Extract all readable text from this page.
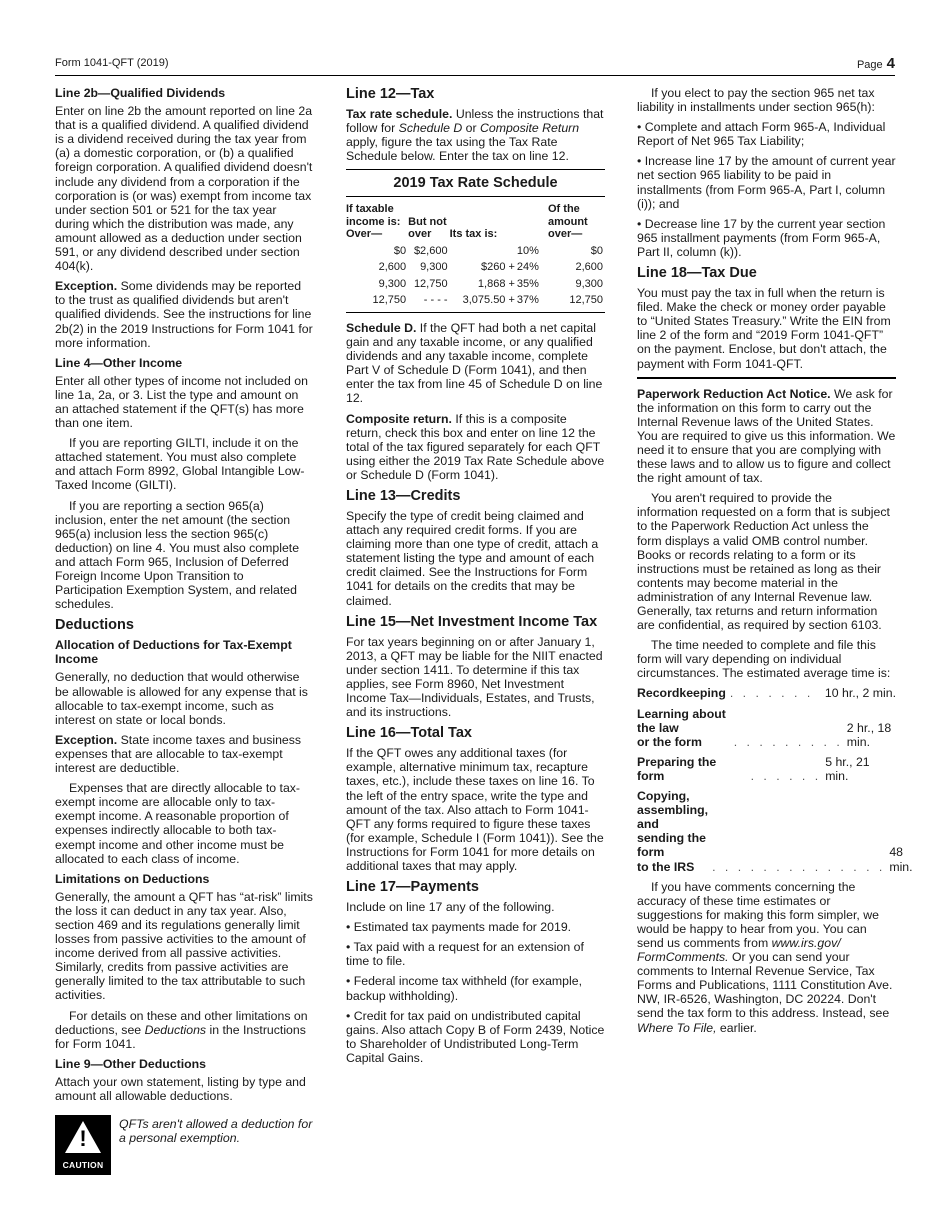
Form 1041-QFT (2019)	Page 4
Line 2b—Qualified Dividends

Enter on line 2b the amount reported on line 2a that is a qualified dividend. A qualified dividend is a dividend received during the tax year from (a) a domestic corporation, or (b) a qualified foreign corporation. A qualified dividend doesn't include any dividend from a corporation if the corporation is (or was) exempt from income tax under section 501 or 521 for the tax year during which the distribution was made, any amount allowed as a deduction under section 591, or any dividend described under section 404(k).

Exception. Some dividends may be reported to the trust as qualified dividends but aren't qualified dividends. See the instructions for line 2b(2) in the 2019 Instructions for Form 1041 for more information.

Line 4—Other Income

Enter all other types of income not included on line 1a, 2a, or 3. List the type and amount on an attached statement if the QFT(s) has more than one item.

If you are reporting GILTI, include it on the attached statement. You must also complete and attach Form 8992, Global Intangible Low-Taxed Income (GILTI).

If you are reporting a section 965(a) inclusion, enter the net amount (the section 965(a) inclusion less the section 965(c) deduction) on line 4. You must also complete and attach Form 965, Inclusion of Deferred Foreign Income Upon Transition to Participation Exemption System, and related schedules.

Deductions
Allocation of Deductions for Tax-Exempt Income

Generally, no deduction that would otherwise be allowable is allowed for any expense that is allocable to tax-exempt income, such as interest on state or local bonds.

Exception. State income taxes and business expenses that are allocable to tax-exempt interest are deductible.

Expenses that are directly allocable to tax-exempt income are allocable only to tax-exempt income. A reasonable proportion of expenses indirectly allocable to both tax-exempt income and other income must be allocated to each class of income.

Limitations on Deductions

Generally, the amount a QFT has “at-risk” limits the loss it can deduct in any tax year. Also, section 469 and its regulations generally limit losses from passive activities to the amount of income derived from all passive activities. Similarly, credits from passive activities are generally limited to the tax attributable to such activities.

For details on these and other limitations on deductions, see Deductions in the Instructions for Form 1041.

Line 9—Other Deductions

Attach your own statement, listing by type and amount all allowable deductions.

!
CAUTION
QFTs aren't allowed a deduction for a personal exemption.
Line 12—Tax

Tax rate schedule. Unless the instructions that follow for Schedule D or Composite Return apply, figure the tax using the Tax Rate Schedule below. Enter the tax on line 12.

2019 Tax Rate Schedule
If taxable income is: Over—	But not over	Its tax is:		Of the amount over—
$0	$2,600		10%	$0
2,600	9,300	$260 +	24%	2,600
9,300	12,750	1,868 +	35%	9,300
12,750	- - - -	3,075.50 +	37%	12,750

Schedule D. If the QFT had both a net capital gain and any taxable income, or any qualified dividends and any taxable income, complete Part V of Schedule D (Form 1041), and then enter the tax from line 45 of Schedule D on line 12.

Composite return. If this is a composite return, check this box and enter on line 12 the total of the tax figured separately for each QFT using either the 2019 Tax Rate Schedule above or Schedule D (Form 1041).

Line 13—Credits

Specify the type of credit being claimed and attach any required credit forms. If you are claiming more than one type of credit, attach a statement listing the type and amount of each credit claimed. See the Instructions for Form 1041 for details on the credits that may be claimed.

Line 15—Net Investment Income Tax

For tax years beginning on or after January 1, 2013, a QFT may be liable for the NIIT enacted under section 1411. To determine if this tax applies, see Form 8960, Net Investment Income Tax—Individuals, Estates, and Trusts, and its instructions.

Line 16—Total Tax

If the QFT owes any additional taxes (for example, alternative minimum tax, recapture taxes, etc.), include these taxes on line 16. To the left of the entry space, write the type and amount of the tax. Also attach to Form 1041-QFT any forms required to figure these taxes (for example, Schedule I (Form 1041)). See the Instructions for Form 1041 for more details on additional taxes that may apply.

Line 17—Payments

Include on line 17 any of the following.

• Estimated tax payments made for 2019.

• Tax paid with a request for an extension of time to file.

• Federal income tax withheld (for example, backup withholding).

• Credit for tax paid on undistributed capital gains. Also attach Copy B of Form 2439, Notice to Shareholder of Undistributed Long-Term Capital Gains.

If you elect to pay the section 965 net tax liability in installments under section 965(h):

• Complete and attach Form 965-A, Individual Report of Net 965 Tax Liability;

• Increase line 17 by the amount of current year net section 965 liability to be paid in installments (from Form 965-A, Part I, column (i)); and

• Decrease line 17 by the current year section 965 installment payments (from Form 965-A, Part II, column (k)).

Line 18—Tax Due

You must pay the tax in full when the return is filed. Make the check or money order payable to “United States Treasury.” Write the EIN from line 2 of the form and “2019 Form 1041-QFT” on the payment. Enclose, but don't attach, the payment with Form 1041-QFT.

Paperwork Reduction Act Notice. We ask for the information on this form to carry out the Internal Revenue laws of the United States. You are required to give us this information. We need it to ensure that you are complying with these laws and to allow us to figure and collect the right amount of tax.

You aren't required to provide the information requested on a form that is subject to the Paperwork Reduction Act unless the form displays a valid OMB control number. Books or records relating to a form or its instructions must be retained as long as their contents may become material in the administration of any Internal Revenue law. Generally, tax returns and return information are confidential, as required by section 6103.

The time needed to complete and file this form will vary depending on individual circumstances. The estimated average time is:

Recordkeeping . . . . . . . 10 hr., 2 min.
Learning about the law
or the form	. . . . . . . . .
2 hr., 18 min.
Preparing the form	. . . . . .
5 hr., 21 min.
Copying, assembling,
and sending the form
to the IRS	. . . . . . . . . . . . . .
48 min.

If you have comments concerning the accuracy of these time estimates or suggestions for making this form simpler, we would be happy to hear from you. You can send us comments from www.irs.gov/ FormComments. Or you can send your comments to Internal Revenue Service, Tax Forms and Publications, 1111 Constitution Ave. NW, IR-6526, Washington, DC 20224. Don't send the tax form to this address. Instead, see Where To File, earlier.
